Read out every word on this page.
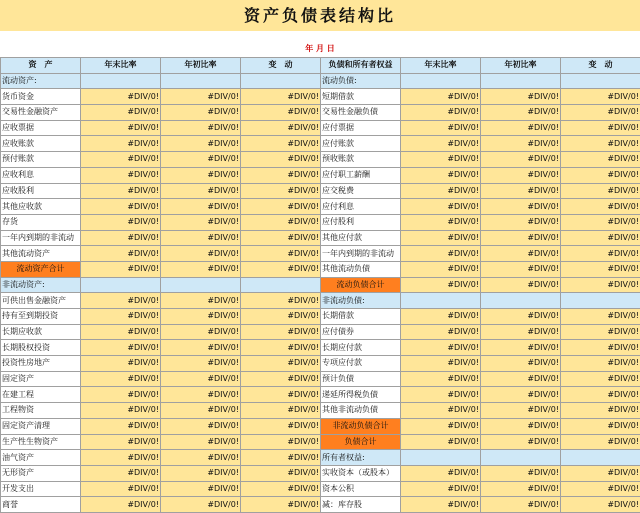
资产负债表结构比
年 月 日
资　产	年末比率	年初比率	变　动	负债和所有者权益	年末比率	年初比率	变　动
流动资产:				流动负债:			
货币资金	#DIV/0!	#DIV/0!	#DIV/0!	短期借款	#DIV/0!	#DIV/0!	#DIV/0!
交易性金融资产	#DIV/0!	#DIV/0!	#DIV/0!	交易性金融负债	#DIV/0!	#DIV/0!	#DIV/0!
应收票据	#DIV/0!	#DIV/0!	#DIV/0!	应付票据	#DIV/0!	#DIV/0!	#DIV/0!
应收账款	#DIV/0!	#DIV/0!	#DIV/0!	应付账款	#DIV/0!	#DIV/0!	#DIV/0!
预付账款	#DIV/0!	#DIV/0!	#DIV/0!	预收账款	#DIV/0!	#DIV/0!	#DIV/0!
应收利息	#DIV/0!	#DIV/0!	#DIV/0!	应付职工薪酬	#DIV/0!	#DIV/0!	#DIV/0!
应收股利	#DIV/0!	#DIV/0!	#DIV/0!	应交税费	#DIV/0!	#DIV/0!	#DIV/0!
其他应收款	#DIV/0!	#DIV/0!	#DIV/0!	应付利息	#DIV/0!	#DIV/0!	#DIV/0!
存货	#DIV/0!	#DIV/0!	#DIV/0!	应付股利	#DIV/0!	#DIV/0!	#DIV/0!
一年内到期的非流动	#DIV/0!	#DIV/0!	#DIV/0!	其他应付款	#DIV/0!	#DIV/0!	#DIV/0!
其他流动资产	#DIV/0!	#DIV/0!	#DIV/0!	一年内到期的非流动	#DIV/0!	#DIV/0!	#DIV/0!
流动资产合计	#DIV/0!	#DIV/0!	#DIV/0!	其他流动负债	#DIV/0!	#DIV/0!	#DIV/0!
非流动资产:				流动负债合计	#DIV/0!	#DIV/0!	#DIV/0!
可供出售金融资产	#DIV/0!	#DIV/0!	#DIV/0!	非流动负债:			
持有至到期投资	#DIV/0!	#DIV/0!	#DIV/0!	长期借款	#DIV/0!	#DIV/0!	#DIV/0!
长期应收款	#DIV/0!	#DIV/0!	#DIV/0!	应付债券	#DIV/0!	#DIV/0!	#DIV/0!
长期股权投资	#DIV/0!	#DIV/0!	#DIV/0!	长期应付款	#DIV/0!	#DIV/0!	#DIV/0!
投资性房地产	#DIV/0!	#DIV/0!	#DIV/0!	专项应付款	#DIV/0!	#DIV/0!	#DIV/0!
固定资产	#DIV/0!	#DIV/0!	#DIV/0!	预计负债	#DIV/0!	#DIV/0!	#DIV/0!
在建工程	#DIV/0!	#DIV/0!	#DIV/0!	递延所得税负债	#DIV/0!	#DIV/0!	#DIV/0!
工程物资	#DIV/0!	#DIV/0!	#DIV/0!	其他非流动负债	#DIV/0!	#DIV/0!	#DIV/0!
固定资产清理	#DIV/0!	#DIV/0!	#DIV/0!	非流动负债合计	#DIV/0!	#DIV/0!	#DIV/0!
生产性生物资产	#DIV/0!	#DIV/0!	#DIV/0!	负债合计	#DIV/0!	#DIV/0!	#DIV/0!
油气资产	#DIV/0!	#DIV/0!	#DIV/0!	所有者权益:			
无形资产	#DIV/0!	#DIV/0!	#DIV/0!	实收资本（或股本）	#DIV/0!	#DIV/0!	#DIV/0!
开发支出	#DIV/0!	#DIV/0!	#DIV/0!	资本公积	#DIV/0!	#DIV/0!	#DIV/0!
商誉	#DIV/0!	#DIV/0!	#DIV/0!	减：库存股	#DIV/0!	#DIV/0!	#DIV/0!
